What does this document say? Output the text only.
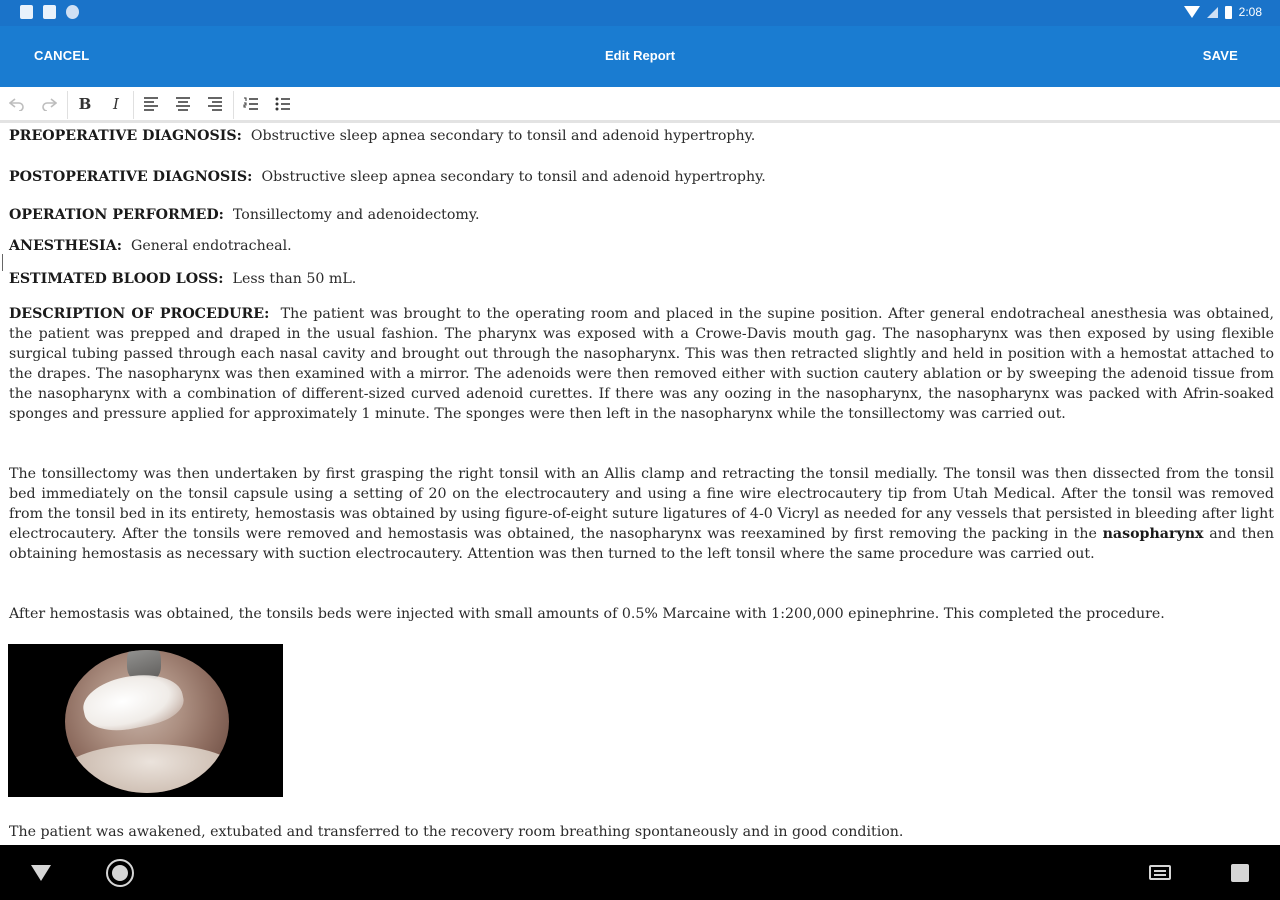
2:08
CANCEL	Edit Report	SAVE
B I
PREOPERATIVE DIAGNOSIS: Obstructive sleep apnea secondary to tonsil and adenoid hypertrophy.
POSTOPERATIVE DIAGNOSIS: Obstructive sleep apnea secondary to tonsil and adenoid hypertrophy.
OPERATION PERFORMED: Tonsillectomy and adenoidectomy.
ANESTHESIA: General endotracheal.
ESTIMATED BLOOD LOSS: Less than 50 mL.
DESCRIPTION OF PROCEDURE: The patient was brought to the operating room and placed in the supine position. After general endotracheal anesthesia was obtained, the patient was prepped and draped in the usual fashion. The pharynx was exposed with a Crowe-Davis mouth gag. The nasopharynx was then exposed by using flexible surgical tubing passed through each nasal cavity and brought out through the nasopharynx. This was then retracted slightly and held in position with a hemostat attached to the drapes. The nasopharynx was then examined with a mirror. The adenoids were then removed either with suction cautery ablation or by sweeping the adenoid tissue from the nasopharynx with a combination of different-sized curved adenoid curettes. If there was any oozing in the nasopharynx, the nasopharynx was packed with Afrin-soaked sponges and pressure applied for approximately 1 minute. The sponges were then left in the nasopharynx while the tonsillectomy was carried out.
The tonsillectomy was then undertaken by first grasping the right tonsil with an Allis clamp and retracting the tonsil medially. The tonsil was then dissected from the tonsil bed immediately on the tonsil capsule using a setting of 20 on the electrocautery and using a fine wire electrocautery tip from Utah Medical. After the tonsil was removed from the tonsil bed in its entirety, hemostasis was obtained by using figure-of-eight suture ligatures of 4-0 Vicryl as needed for any vessels that persisted in bleeding after light electrocautery. After the tonsils were removed and hemostasis was obtained, the nasopharynx was reexamined by first removing the packing in the nasopharynx and then obtaining hemostasis as necessary with suction electrocautery. Attention was then turned to the left tonsil where the same procedure was carried out.
After hemostasis was obtained, the tonsils beds were injected with small amounts of 0.5% Marcaine with 1:200,000 epinephrine. This completed the procedure.
The patient was awakened, extubated and transferred to the recovery room breathing spontaneously and in good condition.
